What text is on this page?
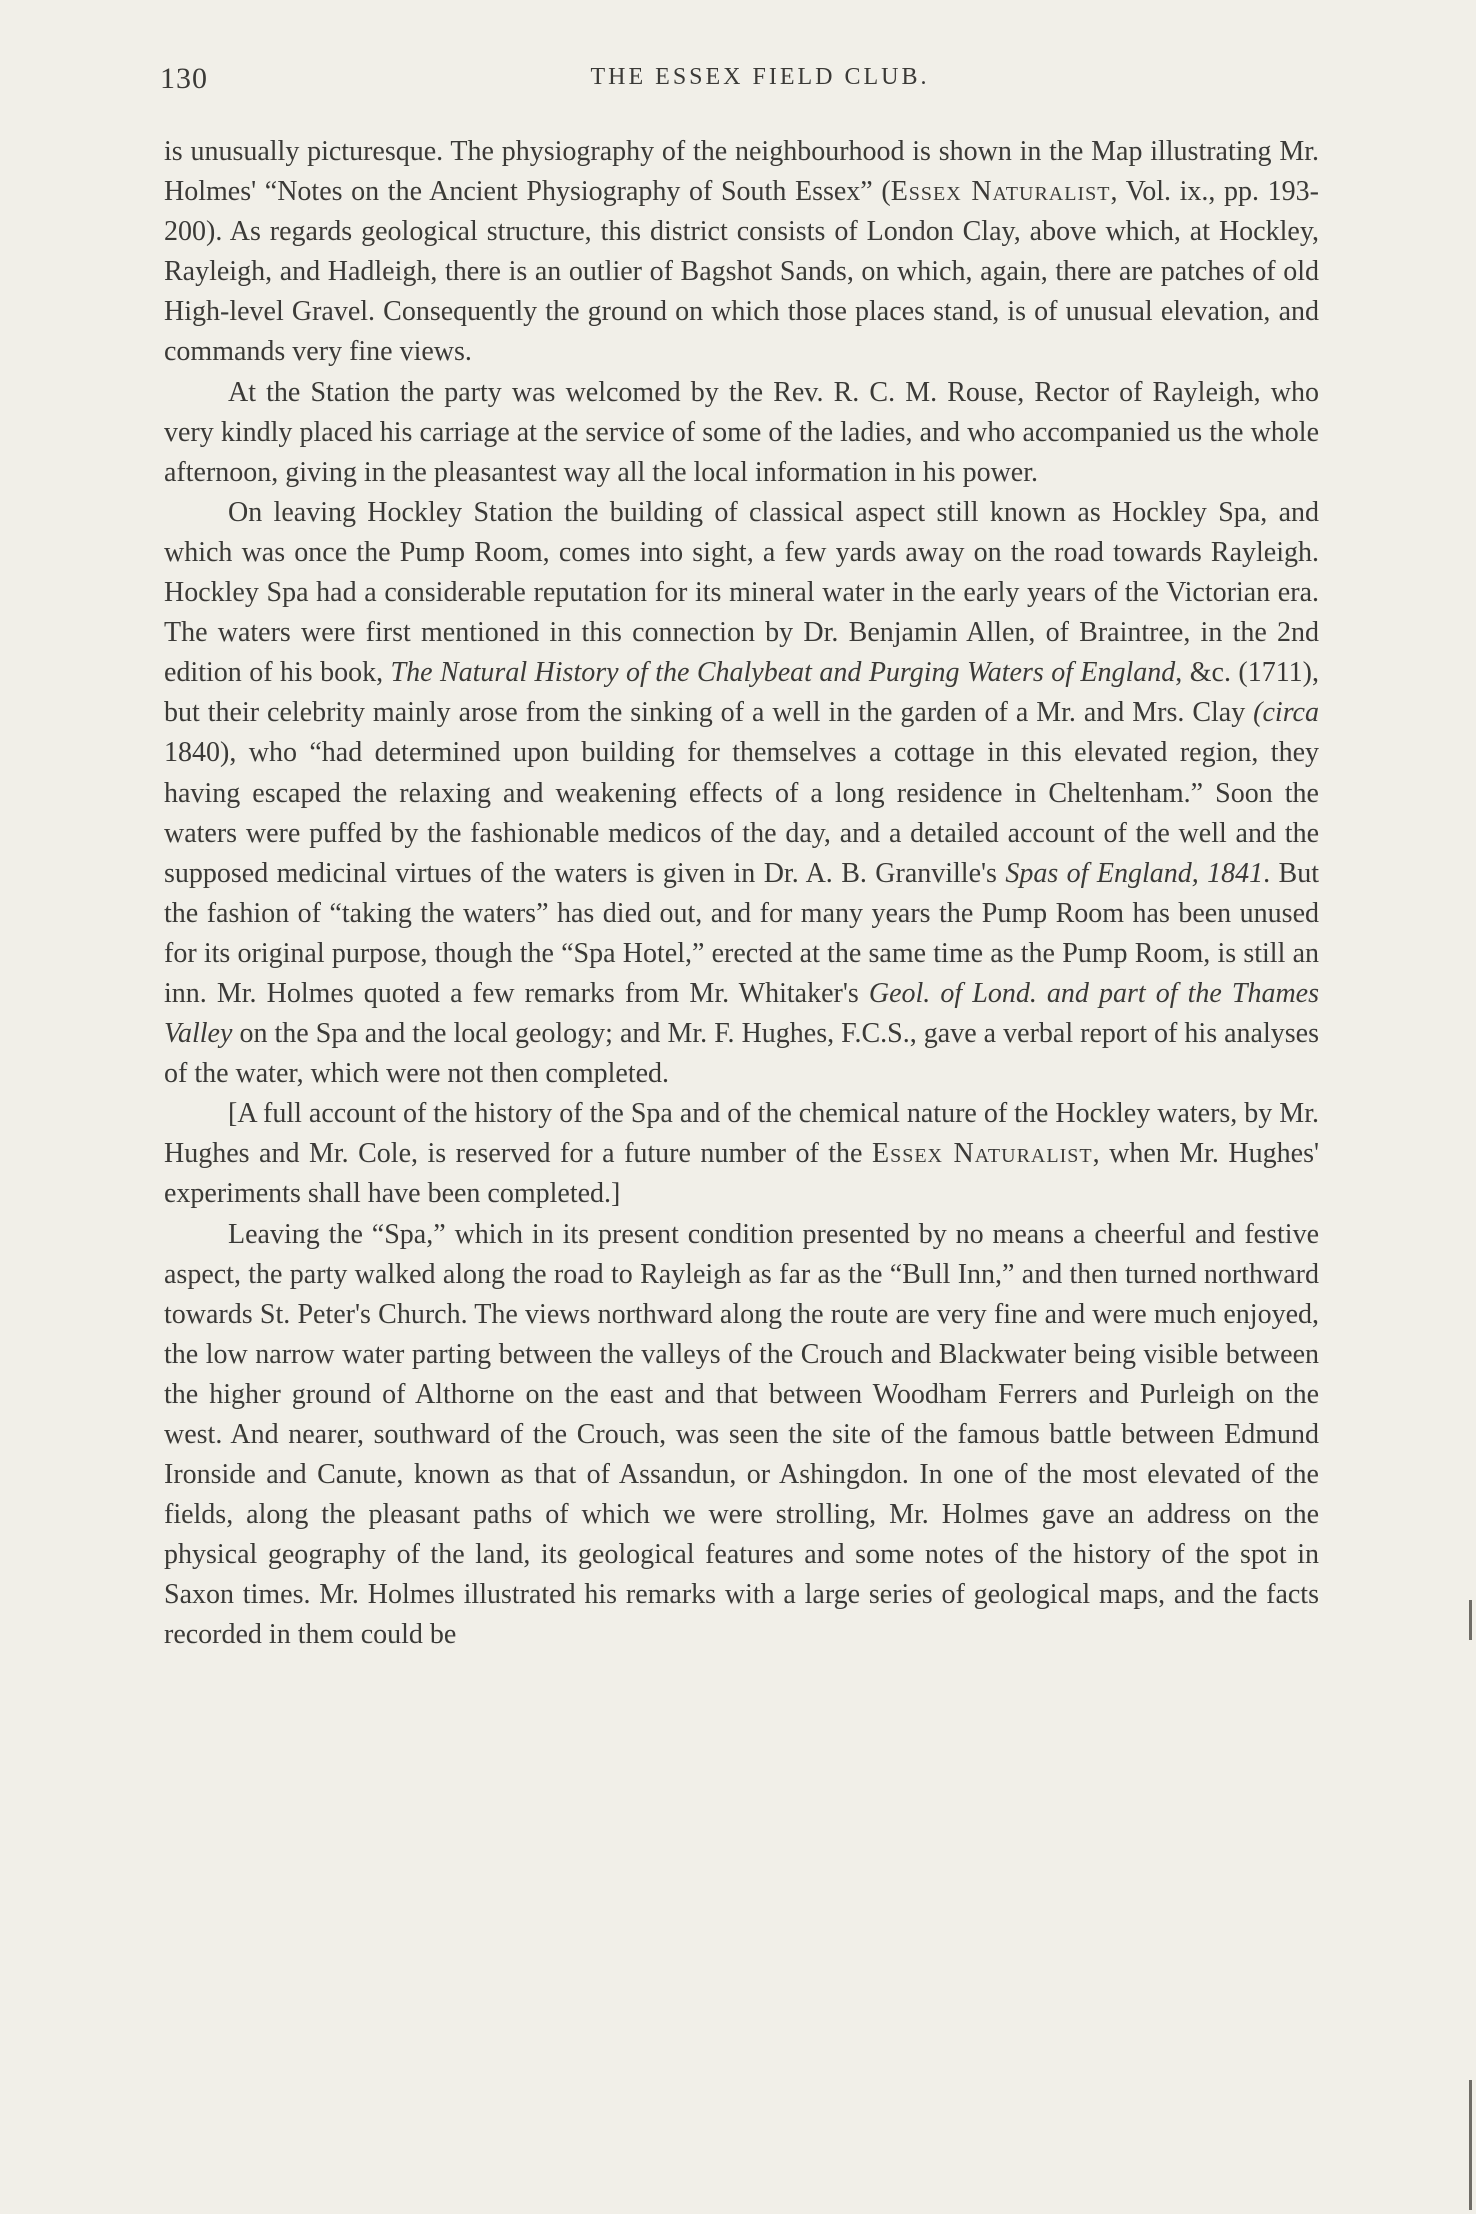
130	THE ESSEX FIELD CLUB.

is unusually picturesque. The physiography of the neighbourhood is shown in the Map illustrating Mr. Holmes' “Notes on the Ancient Physiography of South Essex” (Essex Naturalist, Vol. ix., pp. 193-200). As regards geological structure, this district consists of London Clay, above which, at Hockley, Rayleigh, and Hadleigh, there is an outlier of Bagshot Sands, on which, again, there are patches of old High-level Gravel. Consequently the ground on which those places stand, is of unusual elevation, and commands very fine views.

At the Station the party was welcomed by the Rev. R. C. M. Rouse, Rector of Rayleigh, who very kindly placed his carriage at the service of some of the ladies, and who accompanied us the whole afternoon, giving in the pleasantest way all the local information in his power.

On leaving Hockley Station the building of classical aspect still known as Hockley Spa, and which was once the Pump Room, comes into sight, a few yards away on the road towards Rayleigh. Hockley Spa had a considerable reputation for its mineral water in the early years of the Victorian era. The waters were first mentioned in this connection by Dr. Benjamin Allen, of Braintree, in the 2nd edition of his book, The Natural History of the Chalybeat and Purging Waters of England, &c. (1711), but their celebrity mainly arose from the sinking of a well in the garden of a Mr. and Mrs. Clay (circa 1840), who “had determined upon building for themselves a cottage in this elevated region, they having escaped the relaxing and weakening effects of a long residence in Cheltenham.” Soon the waters were puffed by the fashionable medicos of the day, and a detailed account of the well and the supposed medicinal virtues of the waters is given in Dr. A. B. Granville's Spas of England, 1841. But the fashion of “taking the waters” has died out, and for many years the Pump Room has been unused for its original purpose, though the “Spa Hotel,” erected at the same time as the Pump Room, is still an inn. Mr. Holmes quoted a few remarks from Mr. Whitaker's Geol. of Lond. and part of the Thames Valley on the Spa and the local geology; and Mr. F. Hughes, F.C.S., gave a verbal report of his analyses of the water, which were not then completed.

[A full account of the history of the Spa and of the chemical nature of the Hockley waters, by Mr. Hughes and Mr. Cole, is reserved for a future number of the Essex Naturalist, when Mr. Hughes' experiments shall have been completed.]

Leaving the “Spa,” which in its present condition presented by no means a cheerful and festive aspect, the party walked along the road to Rayleigh as far as the “Bull Inn,” and then turned northward towards St. Peter's Church. The views northward along the route are very fine and were much enjoyed, the low narrow water parting between the valleys of the Crouch and Blackwater being visible between the higher ground of Althorne on the east and that between Woodham Ferrers and Purleigh on the west. And nearer, southward of the Crouch, was seen the site of the famous battle between Edmund Ironside and Canute, known as that of Assandun, or Ashingdon. In one of the most elevated of the fields, along the pleasant paths of which we were strolling, Mr. Holmes gave an address on the physical geography of the land, its geological features and some notes of the history of the spot in Saxon times. Mr. Holmes illustrated his remarks with a large series of geological maps, and the facts recorded in them could be
